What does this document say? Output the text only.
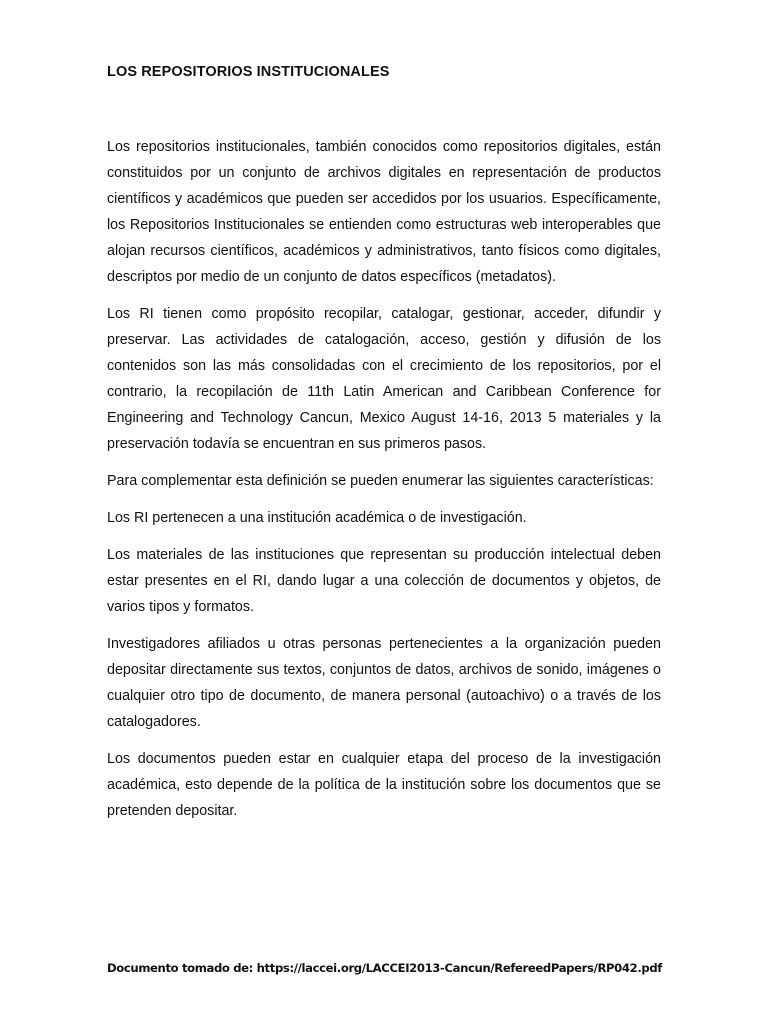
LOS REPOSITORIOS INSTITUCIONALES

Los repositorios institucionales, también conocidos como repositorios digitales, están constituidos por un conjunto de archivos digitales en representación de productos científicos y académicos que pueden ser accedidos por los usuarios. Específicamente, los Repositorios Institucionales se entienden como estructuras web interoperables que alojan recursos científicos, académicos y administrativos, tanto físicos como digitales, descriptos por medio de un conjunto de datos específicos (metadatos).

Los RI tienen como propósito recopilar, catalogar, gestionar, acceder, difundir y preservar. Las actividades de catalogación, acceso, gestión y difusión de los contenidos son las más consolidadas con el crecimiento de los repositorios, por el contrario, la recopilación de 11th Latin American and Caribbean Conference for Engineering and Technology Cancun, Mexico August 14-16, 2013 5 materiales y la preservación todavía se encuentran en sus primeros pasos.

Para complementar esta definición se pueden enumerar las siguientes características:

Los RI pertenecen a una institución académica o de investigación.

Los materiales de las instituciones que representan su producción intelectual deben estar presentes en el RI, dando lugar a una colección de documentos y objetos, de varios tipos y formatos.

Investigadores afiliados u otras personas pertenecientes a la organización pueden depositar directamente sus textos, conjuntos de datos, archivos de sonido, imágenes o cualquier otro tipo de documento, de manera personal (autoachivo) o a través de los catalogadores.

Los documentos pueden estar en cualquier etapa del proceso de la investigación académica, esto depende de la política de la institución sobre los documentos que se pretenden depositar.

Documento tomado de: https://laccei.org/LACCEI2013-Cancun/RefereedPapers/RP042.pdf
